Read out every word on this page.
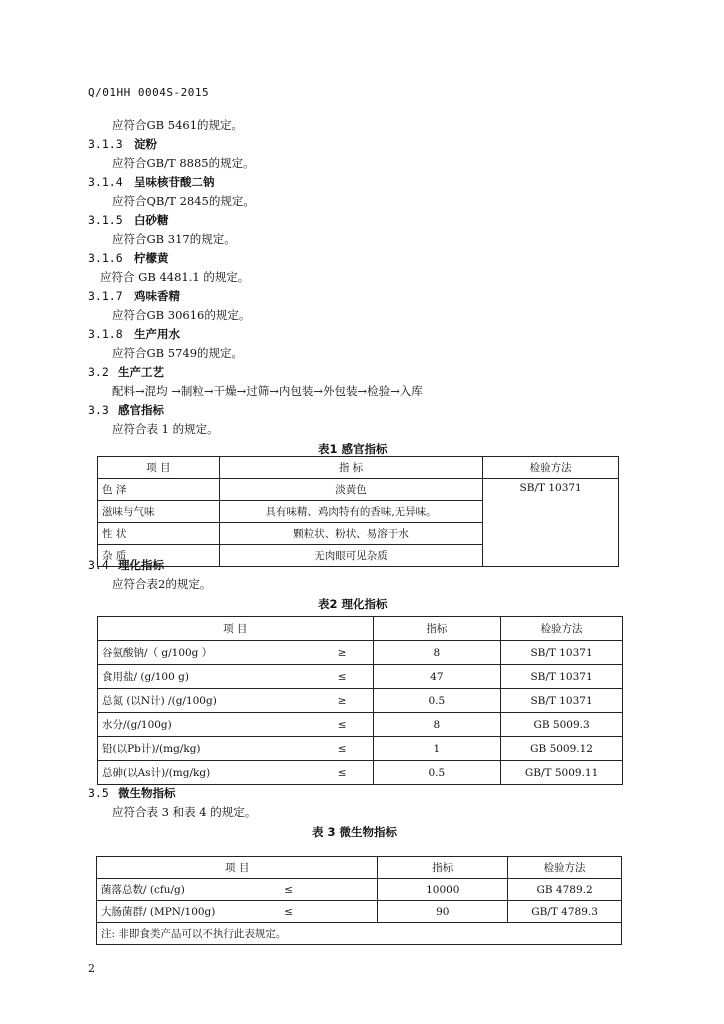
Q/01HH 0004S-2015
应符合GB 5461的规定。
3.1.3 淀粉
应符合GB/T 8885的规定。
3.1.4 呈味核苷酸二钠
应符合QB/T 2845的规定。
3.1.5 白砂糖
应符合GB 317的规定。
3.1.6 柠檬黄
应符合 GB 4481.1 的规定。
3.1.7 鸡味香精
应符合GB 30616的规定。
3.1.8 生产用水
应符合GB 5749的规定。
3.2 生产工艺
配料→混均 →制粒→干燥→过筛→内包装→外包装→检验→入库
3.3 感官指标
应符合表 1 的规定。
表1 感官指标
项 目	指 标	检验方法
色 泽	淡黄色	SB/T 10371
滋味与气味	具有味精、鸡肉特有的香味,无异味。	
性 状	颗粒状、粉状、易溶于水	
杂 质	无肉眼可见杂质	
3.4 理化指标
应符合表2的规定。
表2 理化指标
项 目		指标	检验方法
谷氨酸钠/（ g/100g ）	≥	8	SB/T 10371
食用盐/ (g/100 g)	≤	47	SB/T 10371
总氮 (以N计) /(g/100g)	≥	0.5	SB/T 10371
水分/(g/100g)	≤	8	GB 5009.3
铅(以Pb计)/(mg/kg)	≤	1	GB 5009.12
总砷(以As计)/(mg/kg)	≤	0.5	GB/T 5009.11
3.5 微生物指标
应符合表 3 和表 4 的规定。
表 3 微生物指标
项 目		指标	检验方法
菌落总数/ (cfu/g)	≤	10000	GB 4789.2
大肠菌群/ (MPN/100g)	≤	90	GB/T 4789.3
注: 非即食类产品可以不执行此表规定。			
2
